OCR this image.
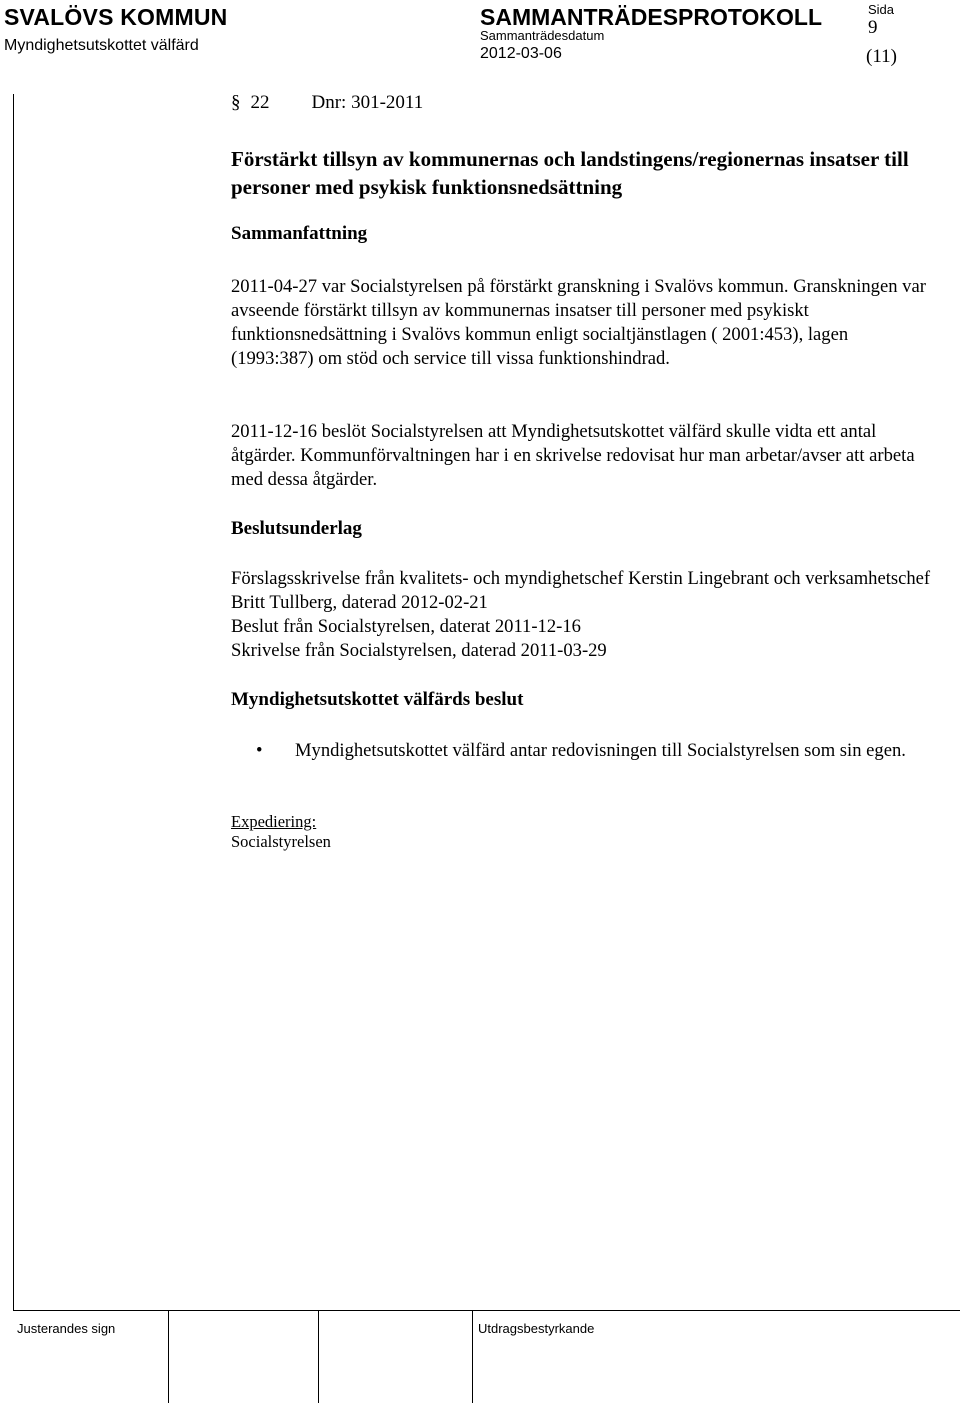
SVALÖVS KOMMUN
Myndighetsutskottet välfärd
SAMMANTRÄDESPROTOKOLL
Sammanträdesdatum
2012-03-06
Sida
9
(11)
§ 22 Dnr: 301-2011
Förstärkt tillsyn av kommunernas och landstingens/regionernas insatser till personer med psykisk funktionsnedsättning
Sammanfattning

2011-04-27 var Socialstyrelsen på förstärkt granskning i Svalövs kommun. Granskningen var avseende förstärkt tillsyn av kommunernas insatser till personer med psykiskt funktionsnedsättning i Svalövs kommun enligt socialtjänstlagen ( 2001:453), lagen (1993:387) om stöd och service till vissa funktionshindrad.

2011-12-16 beslöt Socialstyrelsen att Myndighetsutskottet välfärd skulle vidta ett antal åtgärder. Kommunförvaltningen har i en skrivelse redovisat hur man arbetar/avser att arbeta med dessa åtgärder.

Beslutsunderlag

Förslagsskrivelse från kvalitets- och myndighetschef Kerstin Lingebrant och verksamhetschef Britt Tullberg, daterad 2012-02-21

Beslut från Socialstyrelsen, daterat 2011-12-16

Skrivelse från Socialstyrelsen, daterad 2011-03-29

Myndighetsutskottet välfärds beslut
• Myndighetsutskottet välfärd antar redovisningen till Socialstyrelsen som sin egen.
Expediering:
Socialstyrelsen
Justerandes sign	Utdragsbestyrkande
